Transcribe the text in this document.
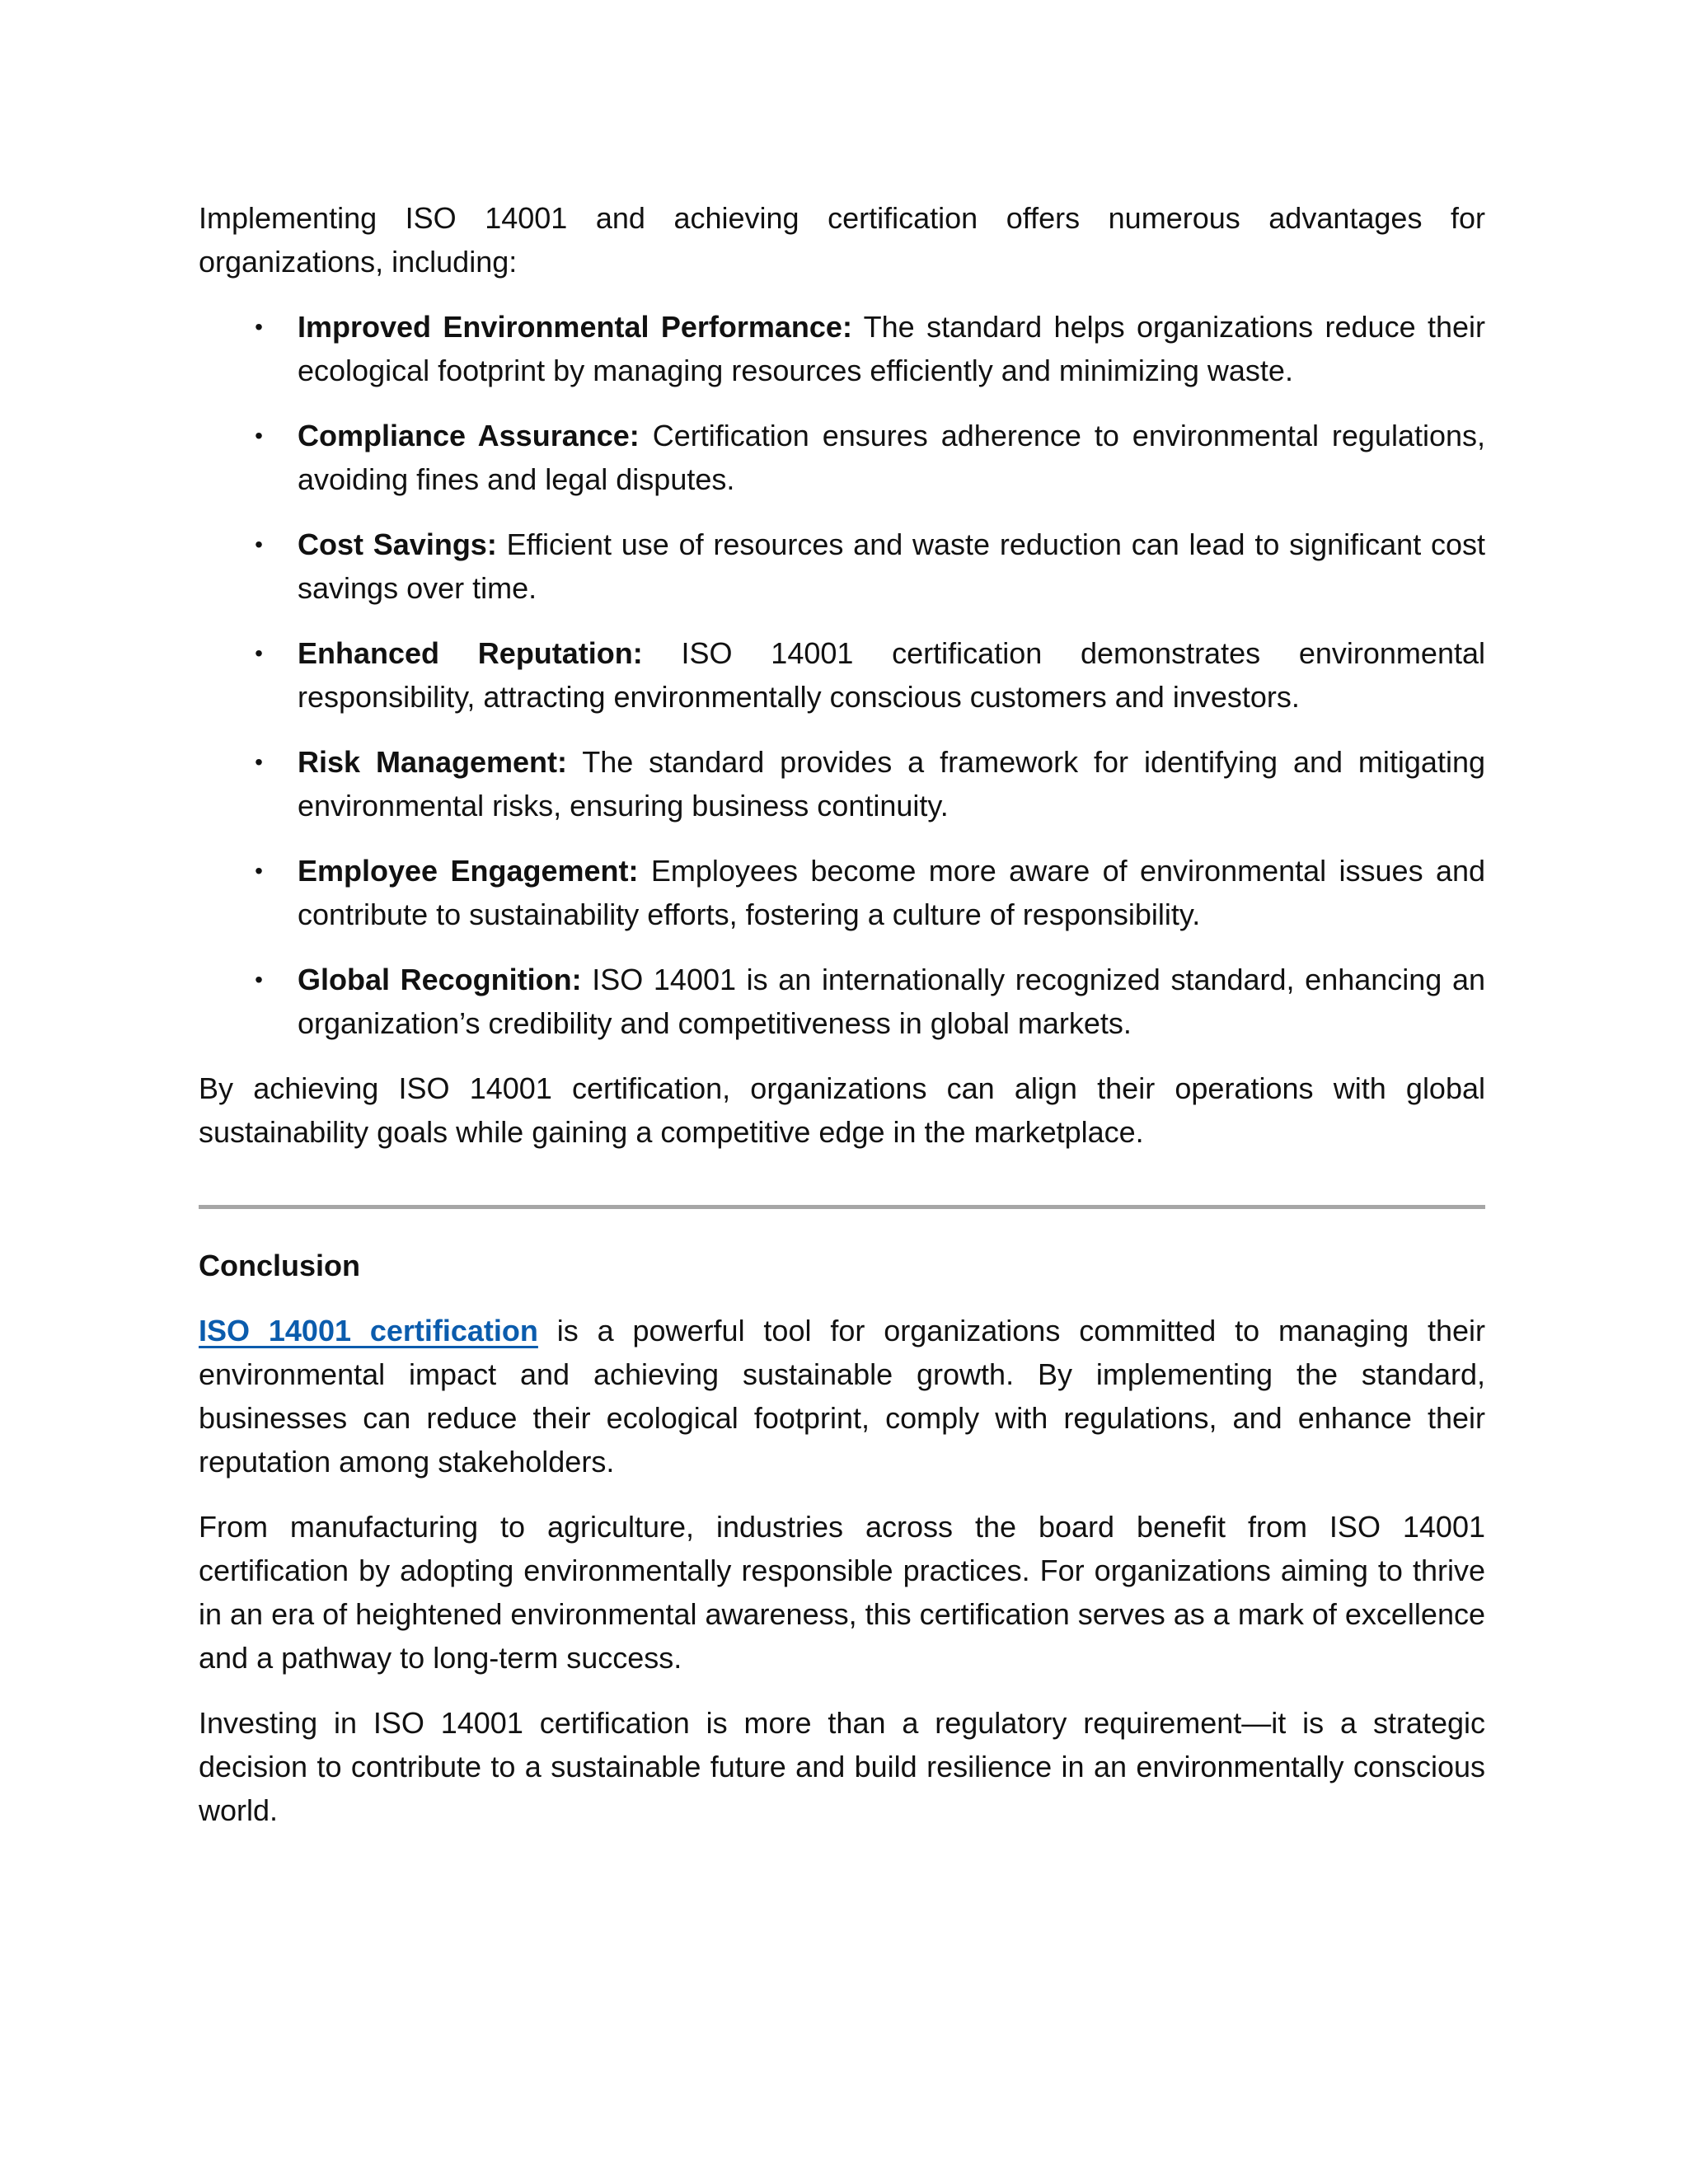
Implementing ISO 14001 and achieving certification offers numerous advantages for organizations, including:

• Improved Environmental Performance: The standard helps organizations reduce their ecological footprint by managing resources efficiently and minimizing waste.
• Compliance Assurance: Certification ensures adherence to environmental regulations, avoiding fines and legal disputes.
• Cost Savings: Efficient use of resources and waste reduction can lead to significant cost savings over time.
• Enhanced Reputation: ISO 14001 certification demonstrates environmental responsibility, attracting environmentally conscious customers and investors.
• Risk Management: The standard provides a framework for identifying and mitigating environmental risks, ensuring business continuity.
• Employee Engagement: Employees become more aware of environmental issues and contribute to sustainability efforts, fostering a culture of responsibility.
• Global Recognition: ISO 14001 is an internationally recognized standard, enhancing an organization’s credibility and competitiveness in global markets.

By achieving ISO 14001 certification, organizations can align their operations with global sustainability goals while gaining a competitive edge in the marketplace.

Conclusion

ISO 14001 certification is a powerful tool for organizations committed to managing their environmental impact and achieving sustainable growth. By implementing the standard, businesses can reduce their ecological footprint, comply with regulations, and enhance their reputation among stakeholders.

From manufacturing to agriculture, industries across the board benefit from ISO 14001 certification by adopting environmentally responsible practices. For organizations aiming to thrive in an era of heightened environmental awareness, this certification serves as a mark of excellence and a pathway to long-term success.

Investing in ISO 14001 certification is more than a regulatory requirement—it is a strategic decision to contribute to a sustainable future and build resilience in an environmentally conscious world.
